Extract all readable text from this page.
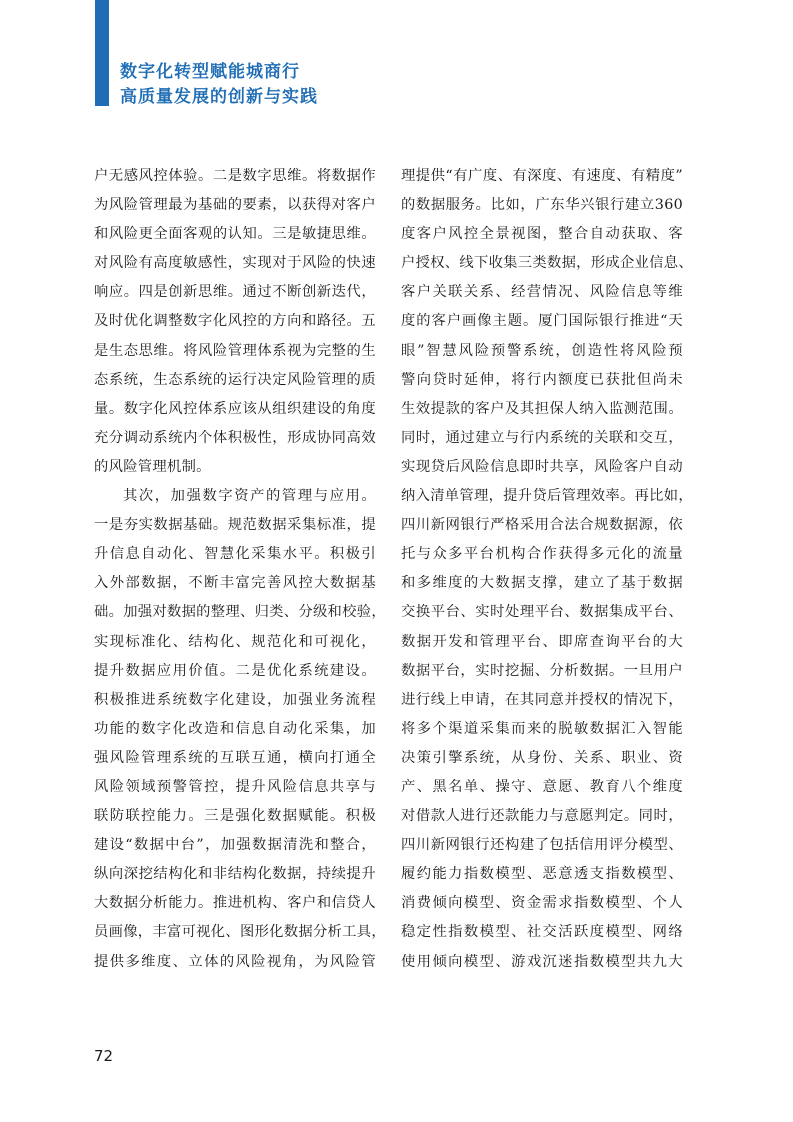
数字化转型赋能城商行
高质量发展的创新与实践
户无感风控体验。二是数字思维。将数据作
为风险管理最为基础的要素，以获得对客户
和风险更全面客观的认知。三是敏捷思维。
对风险有高度敏感性，实现对于风险的快速
响应。四是创新思维。通过不断创新迭代，
及时优化调整数字化风控的方向和路径。五
是生态思维。将风险管理体系视为完整的生
态系统，生态系统的运行决定风险管理的质
量。数字化风控体系应该从组织建设的角度
充分调动系统内个体积极性，形成协同高效
的风险管理机制。
其次，加强数字资产的管理与应用。
一是夯实数据基础。规范数据采集标准，提
升信息自动化、智慧化采集水平。积极引
入外部数据，不断丰富完善风控大数据基
础。加强对数据的整理、归类、分级和校验，
实现标准化、结构化、规范化和可视化，
提升数据应用价值。二是优化系统建设。
积极推进系统数字化建设，加强业务流程
功能的数字化改造和信息自动化采集，加
强风险管理系统的互联互通，横向打通全
风险领域预警管控，提升风险信息共享与
联防联控能力。三是强化数据赋能。积极
建设“数据中台”，加强数据清洗和整合，
纵向深挖结构化和非结构化数据，持续提升
大数据分析能力。推进机构、客户和信贷人
员画像，丰富可视化、图形化数据分析工具，
提供多维度、立体的风险视角，为风险管
理提供“有广度、有深度、有速度、有精度”
的数据服务。比如，广东华兴银行建立360
度客户风控全景视图，整合自动获取、客
户授权、线下收集三类数据，形成企业信息、
客户关联关系、经营情况、风险信息等维
度的客户画像主题。厦门国际银行推进“天
眼”智慧风险预警系统，创造性将风险预
警向贷时延伸，将行内额度已获批但尚未
生效提款的客户及其担保人纳入监测范围。
同时，通过建立与行内系统的关联和交互，
实现贷后风险信息即时共享，风险客户自动
纳入清单管理，提升贷后管理效率。再比如，
四川新网银行严格采用合法合规数据源，依
托与众多平台机构合作获得多元化的流量
和多维度的大数据支撑，建立了基于数据
交换平台、实时处理平台、数据集成平台、
数据开发和管理平台、即席查询平台的大
数据平台，实时挖掘、分析数据。一旦用户
进行线上申请，在其同意并授权的情况下，
将多个渠道采集而来的脱敏数据汇入智能
决策引擎系统，从身份、关系、职业、资
产、黑名单、操守、意愿、教育八个维度
对借款人进行还款能力与意愿判定。同时，
四川新网银行还构建了包括信用评分模型、
履约能力指数模型、恶意透支指数模型、
消费倾向模型、资金需求指数模型、个人
稳定性指数模型、社交活跃度模型、网络
使用倾向模型、游戏沉迷指数模型共九大
72
